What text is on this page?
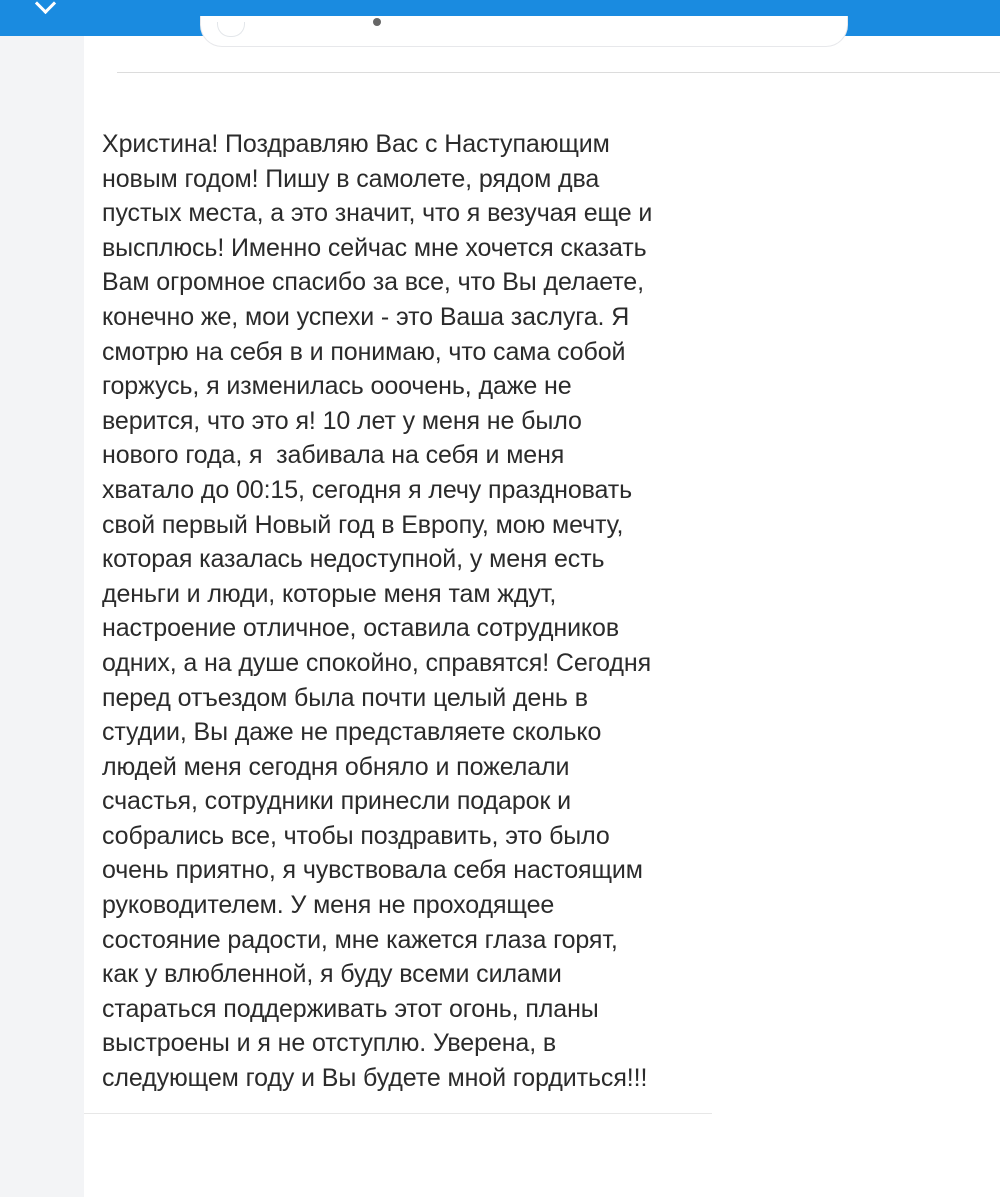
Христина! Поздравляю Вас с Наступающим
новым годом! Пишу в самолете, рядом два
пустых места, а это значит, что я везучая еще и
высплюсь! Именно сейчас мне хочется сказать
Вам огромное спасибо за все, что Вы делаете,
конечно же, мои успехи - это Ваша заслуга. Я
смотрю на себя в и понимаю, что сама собой
горжусь, я изменилась ооочень, даже не
верится, что это я! 10 лет у меня не было
нового года, я  забивала на себя и меня
хватало до 00:15, сегодня я лечу праздновать
свой первый Новый год в Европу, мою мечту,
которая казалась недоступной, у меня есть
деньги и люди, которые меня там ждут,
настроение отличное, оставила сотрудников
одних, а на душе спокойно, справятся! Сегодня
перед отъездом была почти целый день в
студии, Вы даже не представляете сколько
людей меня сегодня обняло и пожелали
счастья, сотрудники принесли подарок и
собрались все, чтобы поздравить, это было
очень приятно, я чувствовала себя настоящим
руководителем. У меня не проходящее
состояние радости, мне кажется глаза горят,
как у влюбленной, я буду всеми силами
стараться поддерживать этот огонь, планы
выстроены и я не отступлю. Уверена, в
следующем году и Вы будете мной гордиться!!!
